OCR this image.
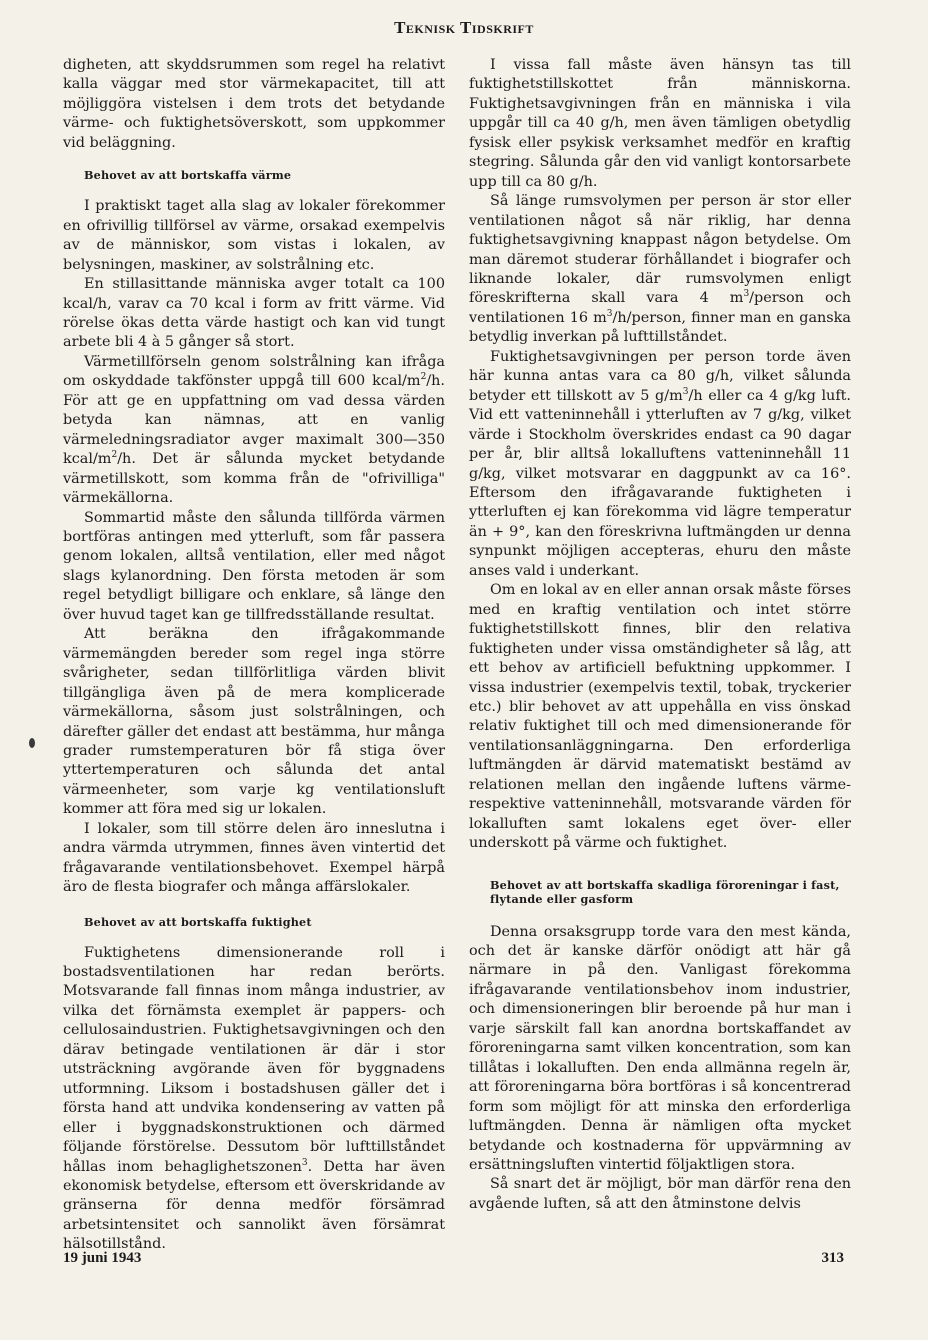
Teknisk Tidskrift

digheten, att skyddsrummen som regel ha relativt kalla väggar med stor värmekapacitet, till att möjliggöra vistelsen i dem trots det betydande värme- och fuktighetsöverskott, som uppkommer vid beläggning.

Behovet av att bortskaffa värme

I praktiskt taget alla slag av lokaler förekommer en ofrivillig tillförsel av värme, orsakad exempelvis av de människor, som vistas i lokalen, av belysningen, maskiner, av solstrålning etc.

En stillasittande människa avger totalt ca 100 kcal/h, varav ca 70 kcal i form av fritt värme. Vid rörelse ökas detta värde hastigt och kan vid tungt arbete bli 4 à 5 gånger så stort.

Värmetillförseln genom solstrålning kan ifråga om oskyddade takfönster uppgå till 600 kcal/$m^2/h$. För att ge en uppfattning om vad dessa värden betyda kan nämnas, att en vanlig värmeledningsradiator avger maximalt 300—350 kcal/$m^2/h$. Det är sålunda mycket betydande värmetillskott, som komma från de "ofrivilliga" värmekällorna.

Sommartid måste den sålunda tillförda värmen bortföras antingen med ytterluft, som får passera genom lokalen, alltså ventilation, eller med något slags kylanordning. Den första metoden är som regel betydligt billigare och enklare, så länge den över huvud taget kan ge tillfredsställande resultat.

Att beräkna den ifrågakommande värmemängden bereder som regel inga större svårigheter, sedan tillförlitliga värden blivit tillgängliga även på de mera komplicerade värmekällorna, såsom just solstrålningen, och därefter gäller det endast att bestämma, hur många grader rumstemperaturen bör få stiga över yttertemperaturen och sålunda det antal värmeenheter, som varje kg ventilationsluft kommer att föra med sig ur lokalen.

I lokaler, som till större delen äro inneslutna i andra värmda utrymmen, finnes även vintertid det frågavarande ventilationsbehovet. Exempel härpå äro de flesta biografer och många affärslokaler.

Behovet av att bortskaffa fuktighet

Fuktighetens dimensionerande roll i bostadsventilationen har redan berörts. Motsvarande fall finnas inom många industrier, av vilka det förnämsta exemplet är pappers- och cellulosaindustrien. Fuktighetsavgivningen och den därav betingade ventilationen är där i stor utsträckning avgörande även för byggnadens utformning. Liksom i bostadshusen gäller det i första hand att undvika kondensering av vatten på eller i byggnadskonstruktionen och därmed följande förstörelse. Dessutom bör lufttillståndet hållas inom behaglighetszonen$^3$. Detta har även ekonomisk betydelse, eftersom ett överskridande av gränserna för denna medför försämrad arbetsintensitet och sannolikt även försämrat hälsotillstånd.

I vissa fall måste även hänsyn tas till fuktighetstillskottet från människorna. Fuktighetsavgivningen från en människa i vila uppgår till ca 40 g/h, men även tämligen obetydlig fysisk eller psykisk verksamhet medför en kraftig stegring. Sålunda går den vid vanligt kontorsarbete upp till ca 80 g/h.

Så länge rumsvolymen per person är stor eller ventilationen något så när riklig, har denna fuktighetsavgivning knappast någon betydelse. Om man däremot studerar förhållandet i biografer och liknande lokaler, där rumsvolymen enligt föreskrifterna skall vara 4 $m^3$/person och ventilationen 16 $m^3/h$/person, finner man en ganska betydlig inverkan på lufttillståndet.

Fuktighetsavgivningen per person torde även här kunna antas vara ca 80 g/h, vilket sålunda betyder ett tillskott av 5 $g/m^3/h$ eller ca 4 g/kg luft. Vid ett vatteninnehåll i ytterluften av 7 g/kg, vilket värde i Stockholm överskrides endast ca 90 dagar per år, blir alltså lokalluftens vatteninnehåll 11 g/kg, vilket motsvarar en daggpunkt av ca 16°. Eftersom den ifrågavarande fuktigheten i ytterluften ej kan förekomma vid lägre temperatur än + 9°, kan den föreskrivna luftmängden ur denna synpunkt möjligen accepteras, ehuru den måste anses vald i underkant.

Om en lokal av en eller annan orsak måste förses med en kraftig ventilation och intet större fuktighetstillskott finnes, blir den relativa fuktigheten under vissa omständigheter så låg, att ett behov av artificiell befuktning uppkommer. I vissa industrier (exempelvis textil, tobak, tryckerier etc.) blir behovet av att uppehålla en viss önskad relativ fuktighet till och med dimensionerande för ventilationsanläggningarna. Den erforderliga luftmängden är därvid matematiskt bestämd av relationen mellan den ingående luftens värme- respektive vatteninnehåll, motsvarande värden för lokalluften samt lokalens eget över- eller underskott på värme och fuktighet.

Behovet av att bortskaffa skadliga föroreningar i fast, flytande eller gasform

Denna orsaksgrupp torde vara den mest kända, och det är kanske därför onödigt att här gå närmare in på den. Vanligast förekomma ifrågavarande ventilationsbehov inom industrier, och dimensioneringen blir beroende på hur man i varje särskilt fall kan anordna bortskaffandet av föroreningarna samt vilken koncentration, som kan tillåtas i lokalluften. Den enda allmänna regeln är, att föroreningarna böra bortföras i så koncentrerad form som möjligt för att minska den erforderliga luftmängden. Denna är nämligen ofta mycket betydande och kostnaderna för uppvärmning av ersättningsluften vintertid följaktligen stora.

Så snart det är möjligt, bör man därför rena den avgående luften, så att den åtminstone delvis

19 juni 1943	313
